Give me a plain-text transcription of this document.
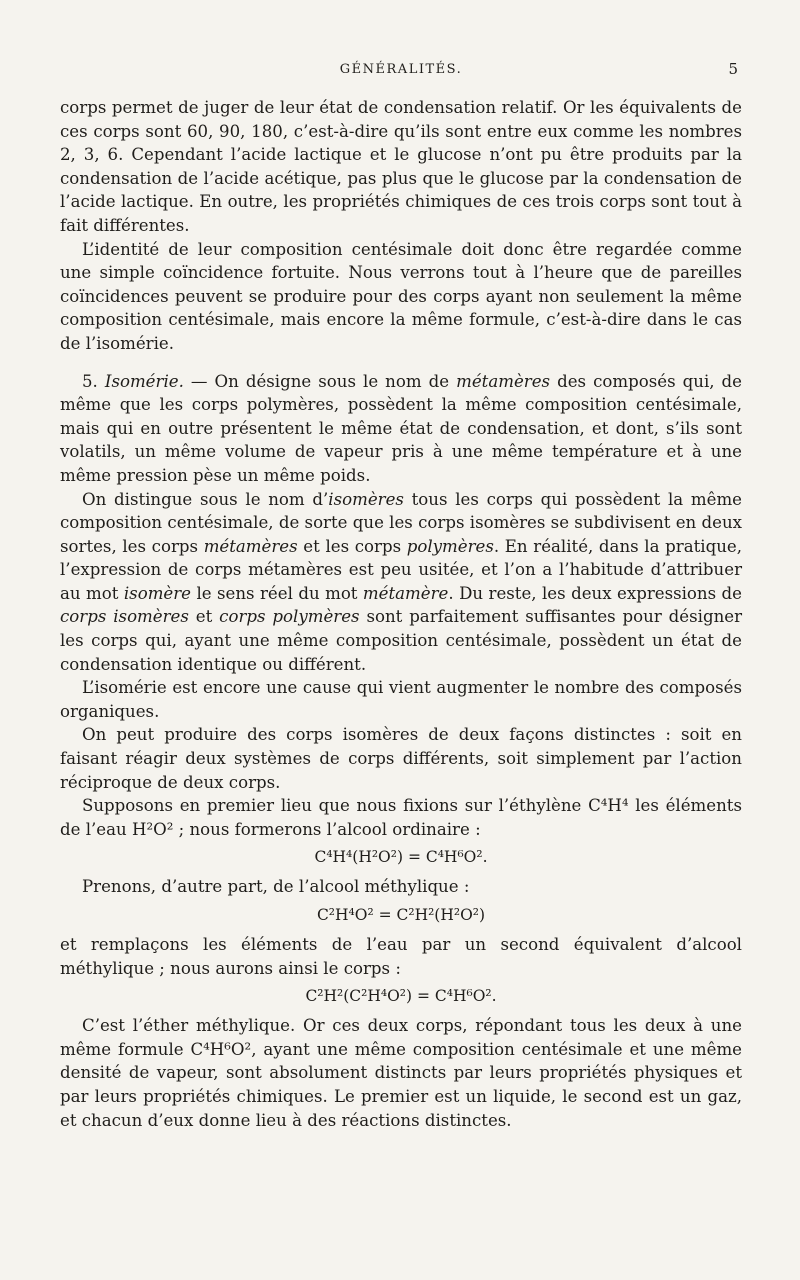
GÉNÉRALITÉS.	5

corps permet de juger de leur état de condensation relatif. Or les équivalents de ces corps sont 60, 90, 180, c’est-à-dire qu’ils sont entre eux comme les nombres 2, 3, 6. Cependant l’acide lactique et le glucose n’ont pu être produits par la condensation de l’acide acétique, pas plus que le glucose par la condensation de l’acide lactique. En outre, les propriétés chimiques de ces trois corps sont tout à fait différentes.

L’identité de leur composition centésimale doit donc être regardée comme une simple coïncidence fortuite. Nous verrons tout à l’heure que de pareilles coïncidences peuvent se produire pour des corps ayant non seulement la même composition centésimale, mais encore la même formule, c’est-à-dire dans le cas de l’isomérie.

5. Isomérie. — On désigne sous le nom de métamères des composés qui, de même que les corps polymères, possèdent la même composition centésimale, mais qui en outre présentent le même état de condensation, et dont, s’ils sont volatils, un même volume de vapeur pris à une même température et à une même pression pèse un même poids.

On distingue sous le nom d’isomères tous les corps qui possèdent la même composition centésimale, de sorte que les corps isomères se subdivisent en deux sortes, les corps métamères et les corps polymères. En réalité, dans la pratique, l’expression de corps métamères est peu usitée, et l’on a l’habitude d’attribuer au mot isomère le sens réel du mot métamère. Du reste, les deux expressions de corps isomères et corps polymères sont parfaitement suffisantes pour désigner les corps qui, ayant une même composition centésimale, possèdent un état de condensation identique ou différent.

L’isomérie est encore une cause qui vient augmenter le nombre des composés organiques.

On peut produire des corps isomères de deux façons distinctes : soit en faisant réagir deux systèmes de corps différents, soit simplement par l’action réciproque de deux corps.

Supposons en premier lieu que nous fixions sur l’éthylène C⁴H⁴ les éléments de l’eau H²O² ; nous formerons l’alcool ordinaire :

C⁴H⁴(H²O²) = C⁴H⁶O².

Prenons, d’autre part, de l’alcool méthylique :

C²H⁴O² = C²H²(H²O²)

et remplaçons les éléments de l’eau par un second équivalent d’alcool méthylique ; nous aurons ainsi le corps :

C²H²(C²H⁴O²) = C⁴H⁶O².

C’est l’éther méthylique. Or ces deux corps, répondant tous les deux à une même formule C⁴H⁶O², ayant une même composition centésimale et une même densité de vapeur, sont absolument distincts par leurs propriétés physiques et par leurs propriétés chimiques. Le premier est un liquide, le second est un gaz, et chacun d’eux donne lieu à des réactions distinctes.
